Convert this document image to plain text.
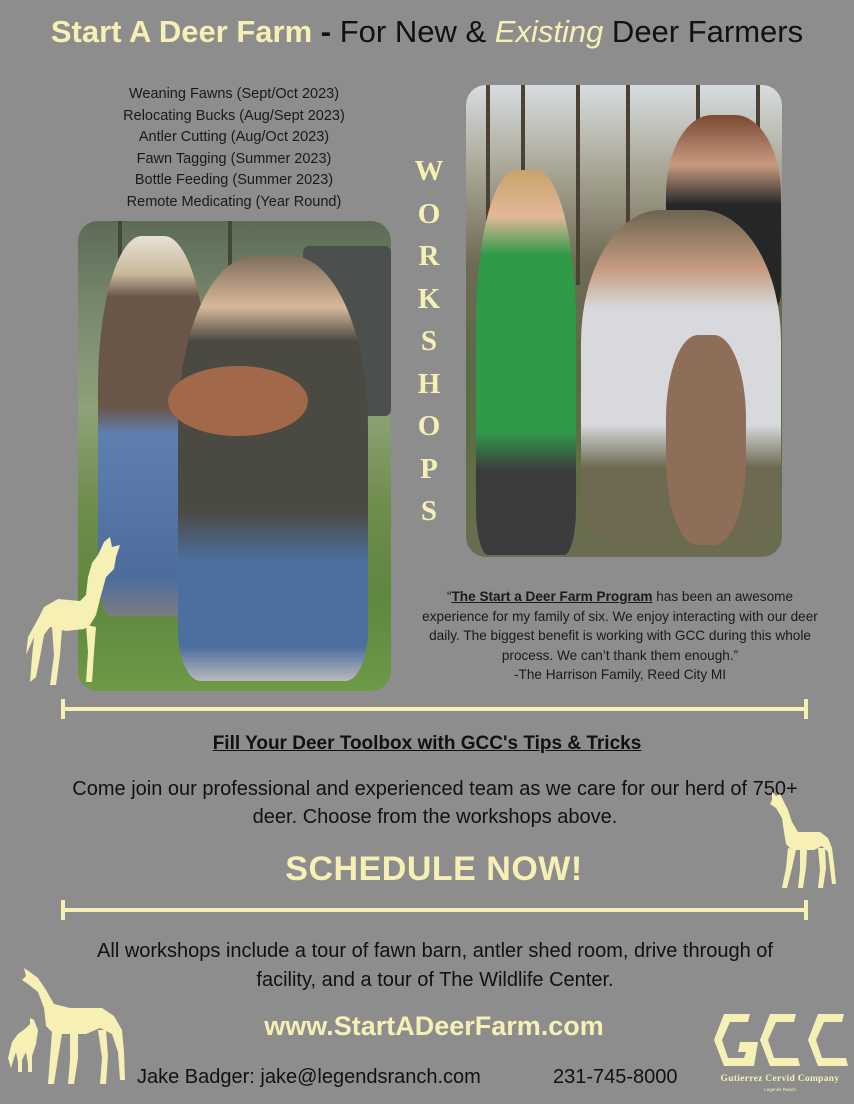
Start A Deer Farm - For New & Existing Deer Farmers
Weaning Fawns (Sept/Oct 2023)
Relocating Bucks (Aug/Sept 2023)
Antler Cutting (Aug/Oct 2023)
Fawn Tagging (Summer 2023)
Bottle Feeding (Summer 2023)
Remote Medicating (Year Round)
W
O
R
K
S
H
O
P
S
“The Start a Deer Farm Program has been an awesome experience for my family of six. We enjoy interacting with our deer daily. The biggest benefit is working with GCC during this whole process. We can’t thank them enough.”
-The Harrison Family, Reed City MI
Fill Your Deer Toolbox with GCC's Tips & Tricks
Come join our professional and experienced team as we care for our herd of 750+ deer. Choose from the workshops above.
SCHEDULE NOW!
All workshops include a tour of fawn barn, antler shed room, drive through of facility, and a tour of The Wildlife Center.
www.StartADeerFarm.com
Jake Badger: jake@legendsranch.com	231-745-8000	Gutierrez Cervid Company
Legends Ranch
